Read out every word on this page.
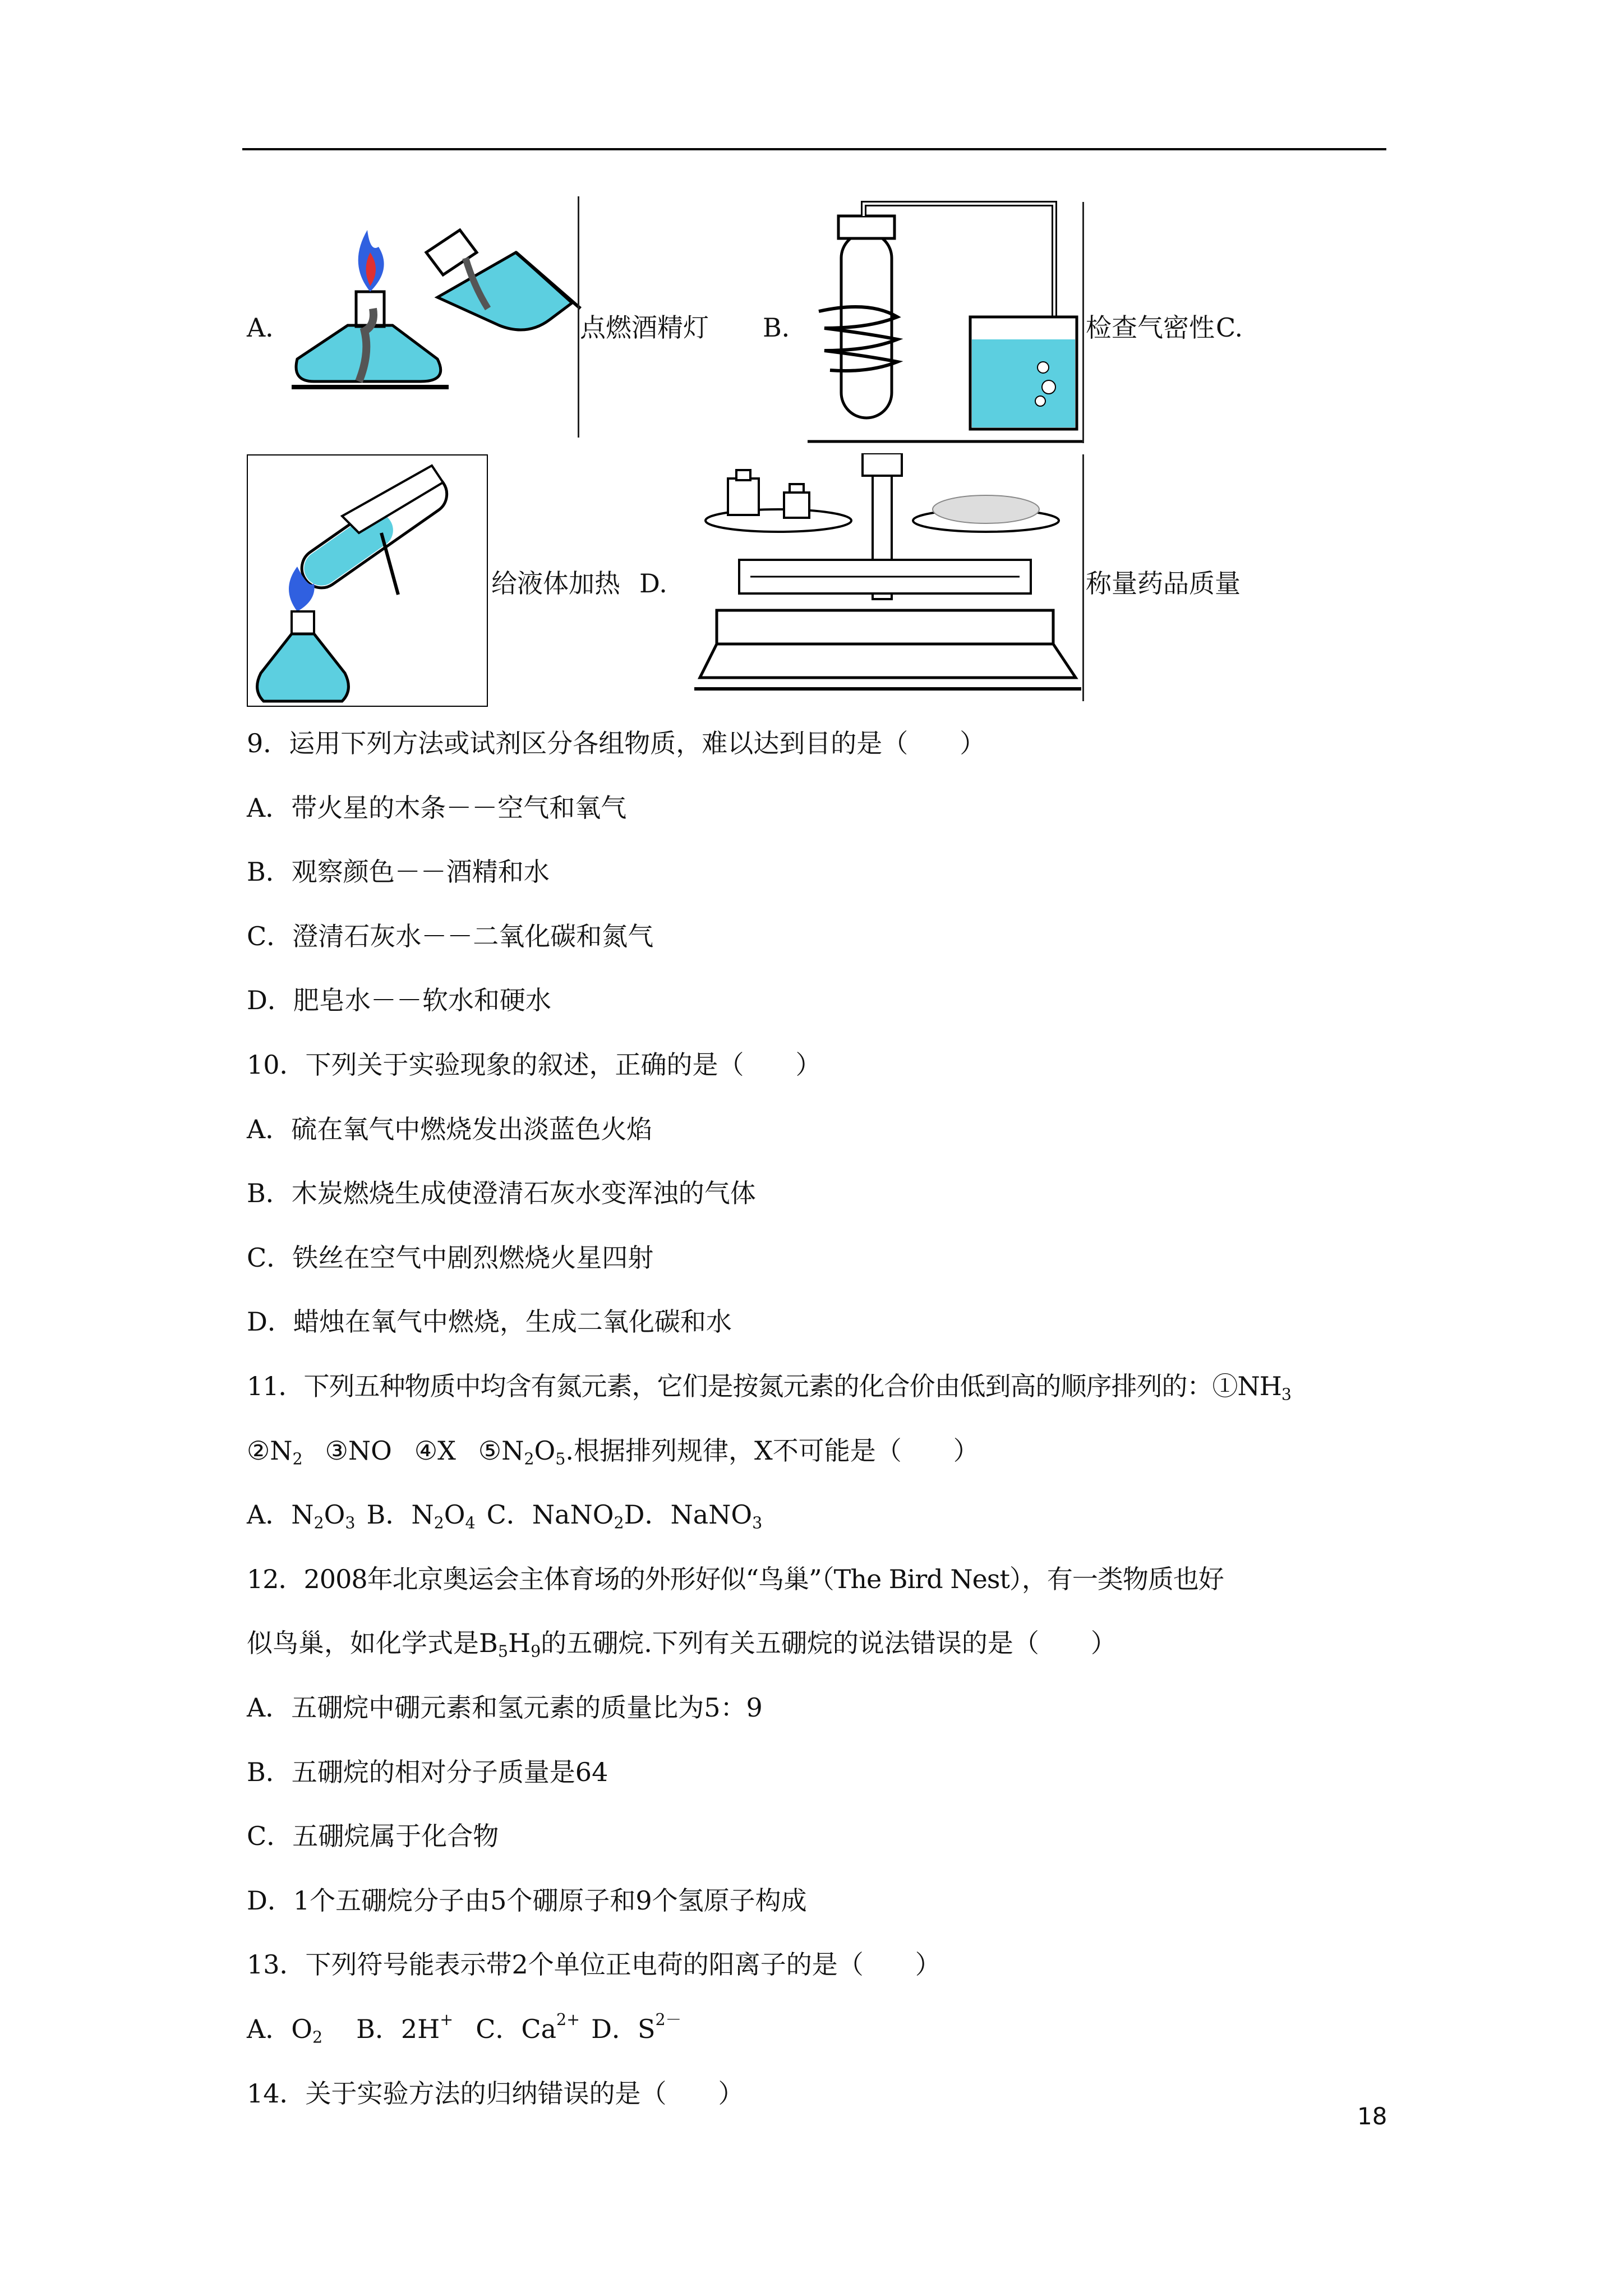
A．	点燃酒精灯 B．	检查气密性 C.
给液体加热 D.	称量药品质量
9．运用下列方法或试剂区分各组物质，难以达到目的是（　　）
A．带火星的木条－－空气和氧气
B．观察颜色－－酒精和水
C．澄清石灰水－－二氧化碳和氮气
D．肥皂水－－软水和硬水
10．下列关于实验现象的叙述，正确的是（　　）
A．硫在氧气中燃烧发出淡蓝色火焰
B．木炭燃烧生成使澄清石灰水变浑浊的气体
C．铁丝在空气中剧烈燃烧火星四射
D．蜡烛在氧气中燃烧，生成二氧化碳和水
11．下列五种物质中均含有氮元素，它们是按氮元素的化合价由低到高的顺序排列的：$①NH_3$
$②N_2$ ③NO ④X $⑤N_2O_5$.根据排列规律，X不可能是（　　）
A．$N_2O_3$ B．$N_2O_4$ C．NaNO$_2$D．NaNO$_3$
12．2008年北京奥运会主体育场的外形好似“鸟巢”（The Bird Nest），有一类物质也好
似鸟巢，如化学式是$B_5H_9$的五硼烷.下列有关五硼烷的说法错误的是（　　）
A．五硼烷中硼元素和氢元素的质量比为5：9
B．五硼烷的相对分子质量是64
C．五硼烷属于化合物
D．1个五硼烷分子由5个硼原子和9个氢原子构成
13．下列符号能表示带2个单位正电荷的阳离子的是（　　）
A．$O_2$ B．2H+ C．$Ca^{2+}$ D．$S^{2-}$
14．关于实验方法的归纳错误的是（　　）
18
